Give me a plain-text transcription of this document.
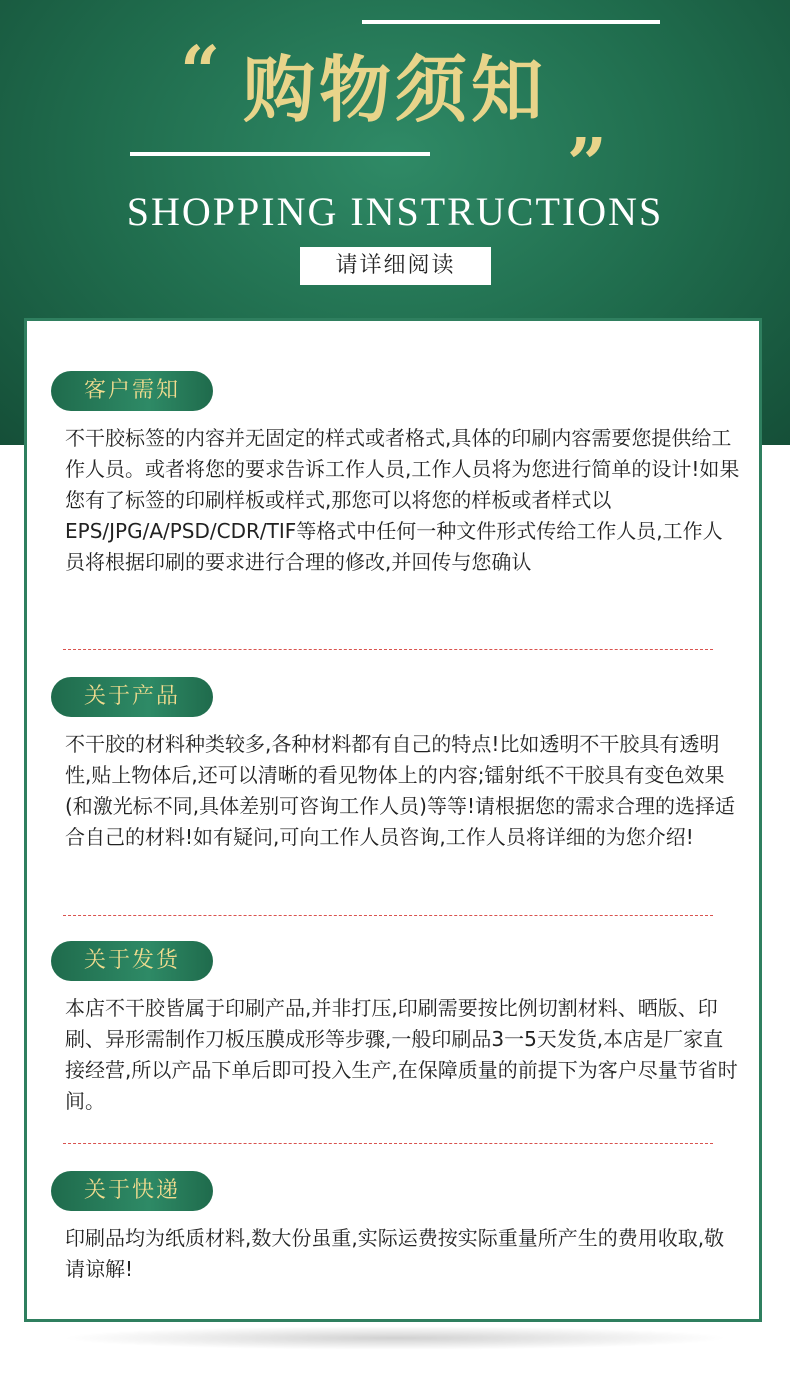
“ 购物须知 „
SHOPPING INSTRUCTIONS
请详细阅读
客户需知
不干胶标签的内容并无固定的样式或者格式,具体的印刷内容需要您提供给工作人员。或者将您的要求告诉工作人员,工作人员将为您进行简单的设计!如果您有了标签的印刷样板或样式,那您可以将您的样板或者样式以EPS/JPG/A/PSD/CDR/TIF等格式中任何一种文件形式传给工作人员,工作人员将根据印刷的要求进行合理的修改,并回传与您确认
关于产品
不干胶的材料种类较多,各种材料都有自己的特点!比如透明不干胶具有透明性,贴上物体后,还可以清晰的看见物体上的内容;镭射纸不干胶具有变色效果(和激光标不同,具体差别可咨询工作人员)等等!请根据您的需求合理的选择适合自己的材料!如有疑问,可向工作人员咨询,工作人员将详细的为您介绍!
关于发货
本店不干胶皆属于印刷产品,并非打压,印刷需要按比例切割材料、晒版、印刷、异形需制作刀板压膜成形等步骤,一般印刷品3一5天发货,本店是厂家直接经营,所以产品下单后即可投入生产,在保障质量的前提下为客户尽量节省时间。
关于快递
印刷品均为纸质材料,数大份虽重,实际运费按实际重量所产生的费用收取,敬请谅解!
